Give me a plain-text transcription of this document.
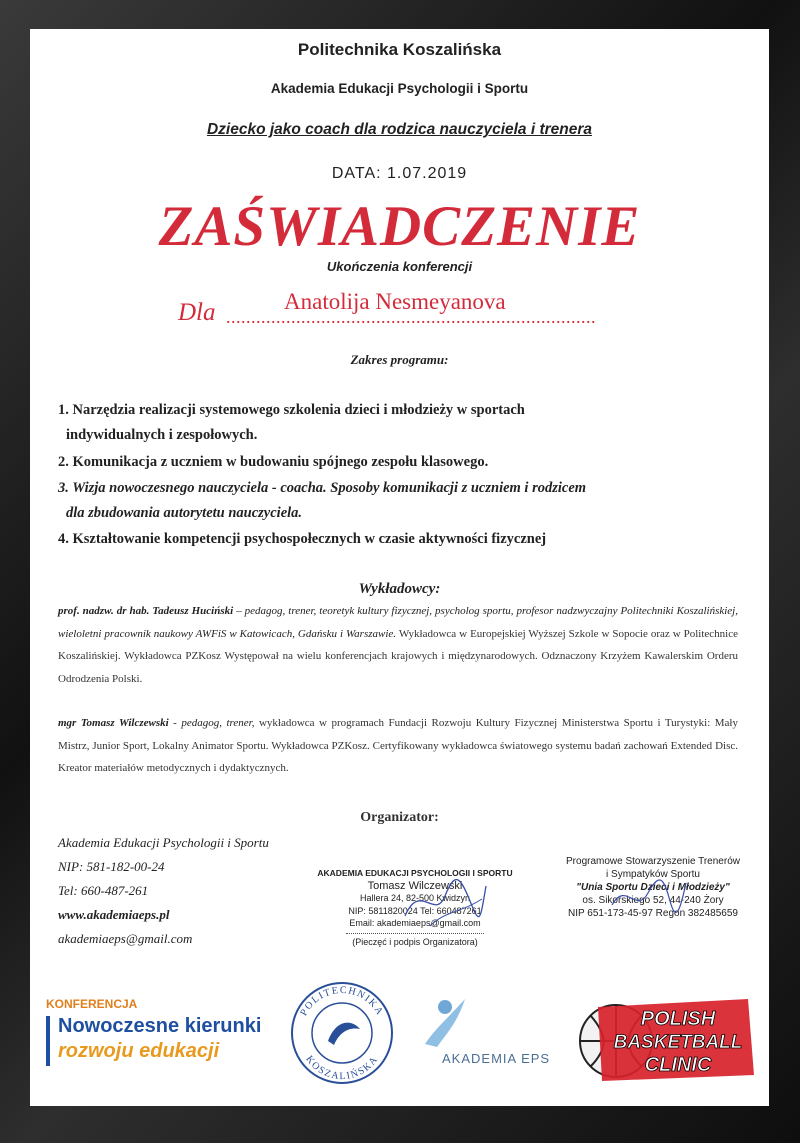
Politechnika Koszalińska
Akademia Edukacji Psychologii i Sportu
Dziecko jako coach dla rodzica nauczyciela i trenera
DATA: 1.07.2019
ZAŚWIADCZENIE
Ukończenia konferencji
Dla ..........................................................................
Anatolija Nesmeyanova
Zakres programu:
1. Narzędzia realizacji systemowego szkolenia dzieci i młodzieży w sportach
indywidualnych i zespołowych.
2. Komunikacja z uczniem w budowaniu spójnego zespołu klasowego.
3. Wizja nowoczesnego nauczyciela - coacha. Sposoby komunikacji z uczniem i rodzicem
dla zbudowania autorytetu nauczyciela.
4. Kształtowanie kompetencji psychospołecznych w czasie aktywności fizycznej
Wykładowcy:
prof. nadzw. dr hab. Tadeusz Huciński – pedagog, trener, teoretyk kultury fizycznej, psycholog sportu, profesor nadzwyczajny Politechniki Koszalińskiej, wieloletni pracownik naukowy AWFiS w Katowicach, Gdańsku i Warszawie. Wykładowca w Europejskiej Wyższej Szkole w Sopocie oraz w Politechnice Koszalińskiej. Wykładowca PZKosz Występował na wielu konferencjach krajowych i międzynarodowych. Odznaczony Krzyżem Kawalerskim Orderu Odrodzenia Polski.
mgr Tomasz Wilczewski - pedagog, trener, wykładowca w programach Fundacji Rozwoju Kultury Fizycznej Ministerstwa Sportu i Turystyki: Mały Mistrz, Junior Sport, Lokalny Animator Sportu. Wykładowca PZKosz. Certyfikowany wykładowca światowego systemu badań zachowań Extended Disc. Kreator materiałów metodycznych i dydaktycznych.
Organizator:
Akademia Edukacji Psychologii i Sportu
NIP: 581-182-00-24
Tel: 660-487-261
www.akademiaeps.pl
akademiaeps@gmail.com
AKADEMIA EDUKACJI PSYCHOLOGII I SPORTU
Tomasz Wilczewski
Hallera 24, 82-500 Kwidzyn
NIP: 5811820024 Tel: 660487261
Email: akademiaeps@gmail.com
(Pieczęć i podpis Organizatora)
Programowe Stowarzyszenie Trenerów
i Sympatyków Sportu
"Unia Sportu Dzieci i Młodzieży"
os. Sikorskiego 52, 44-240 Żory
NIP 651-173-45-97 Regon 382485659
KONFERENCJA
Nowoczesne kierunki
rozwoju edukacji
POLITECHNIKA
KOSZALIŃSKA	AKADEMIA EPS
POLISH
BASKETBALL
CLINIC
